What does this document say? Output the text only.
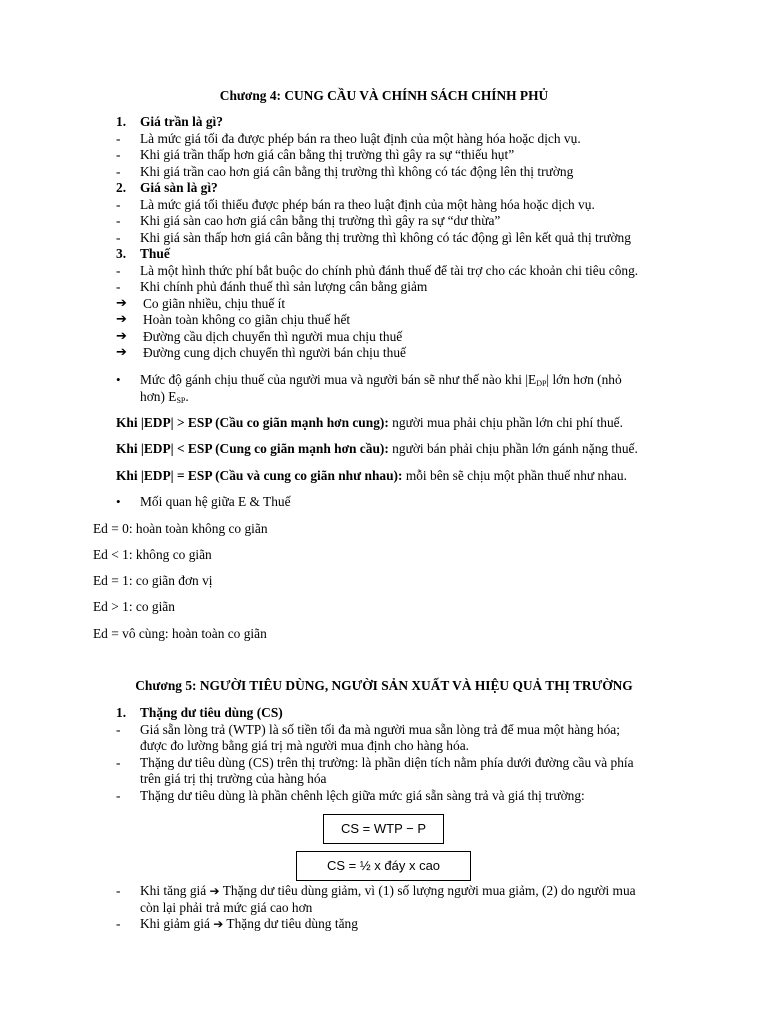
Chương 4: CUNG CẦU VÀ CHÍNH SÁCH CHÍNH PHỦ
1. Giá trần là gì?
- Là mức giá tối đa được phép bán ra theo luật định của một hàng hóa hoặc dịch vụ.
- Khi giá trần thấp hơn giá cân bằng thị trường thì gây ra sự “thiếu hụt”
- Khi giá trần cao hơn giá cân bằng thị trường thì không có tác động lên thị trường
2. Giá sàn là gì?
- Là mức giá tối thiểu được phép bán ra theo luật định của một hàng hóa hoặc dịch vụ.
- Khi giá sàn cao hơn giá cân bằng thị trường thì gây ra sự “dư thừa”
- Khi giá sàn thấp hơn giá cân bằng thị trường thì không có tác động gì lên kết quả thị trường
3. Thuế
- Là một hình thức phí bắt buộc do chính phủ đánh thuế để tài trợ cho các khoản chi tiêu công.
- Khi chính phủ đánh thuế thì sản lượng cân bằng giảm
➔ Co giãn nhiều, chịu thuế ít
➔ Hoàn toàn không co giãn chịu thuế hết
➔ Đường cầu dịch chuyển thì người mua chịu thuế
➔ Đường cung dịch chuyển thì người bán chịu thuế
• Mức độ gánh chịu thuế của người mua và người bán sẽ như thế nào khi $|E_{DP}|$ lớn hơn (nhỏ
hơn) $E_{SP}$.
Khi |EDP| > ESP (Cầu co giãn mạnh hơn cung): người mua phải chịu phần lớn chi phí thuế.
Khi |EDP| < ESP (Cung co giãn mạnh hơn cầu): người bán phải chịu phần lớn gánh nặng thuế.
Khi |EDP| = ESP (Cầu và cung co giãn như nhau): mỗi bên sẽ chịu một phần thuế như nhau.
• Mối quan hệ giữa E & Thuế
Ed = 0: hoàn toàn không co giãn
Ed < 1: không co giãn
Ed = 1: co giãn đơn vị
Ed > 1: co giãn
Ed = vô cùng: hoàn toàn co giãn
Chương 5: NGƯỜI TIÊU DÙNG, NGƯỜI SẢN XUẤT VÀ HIỆU QUẢ THỊ TRƯỜNG
1. Thặng dư tiêu dùng (CS)
- Giá sẵn lòng trả (WTP) là số tiền tối đa mà người mua sẵn lòng trả để mua một hàng hóa;
được đo lường bằng giá trị mà người mua định cho hàng hóa.
- Thặng dư tiêu dùng (CS) trên thị trường: là phần diện tích nằm phía dưới đường cầu và phía
trên giá trị thị trường của hàng hóa
- Thặng dư tiêu dùng là phần chênh lệch giữa mức giá sẵn sàng trả và giá thị trường:
CS = WTP − P
CS = ½ x đáy x cao
- Khi tăng giá ➔ Thặng dư tiêu dùng giảm, vì (1) số lượng người mua giảm, (2) do người mua
còn lại phải trả mức giá cao hơn
- Khi giảm giá ➔ Thặng dư tiêu dùng tăng
